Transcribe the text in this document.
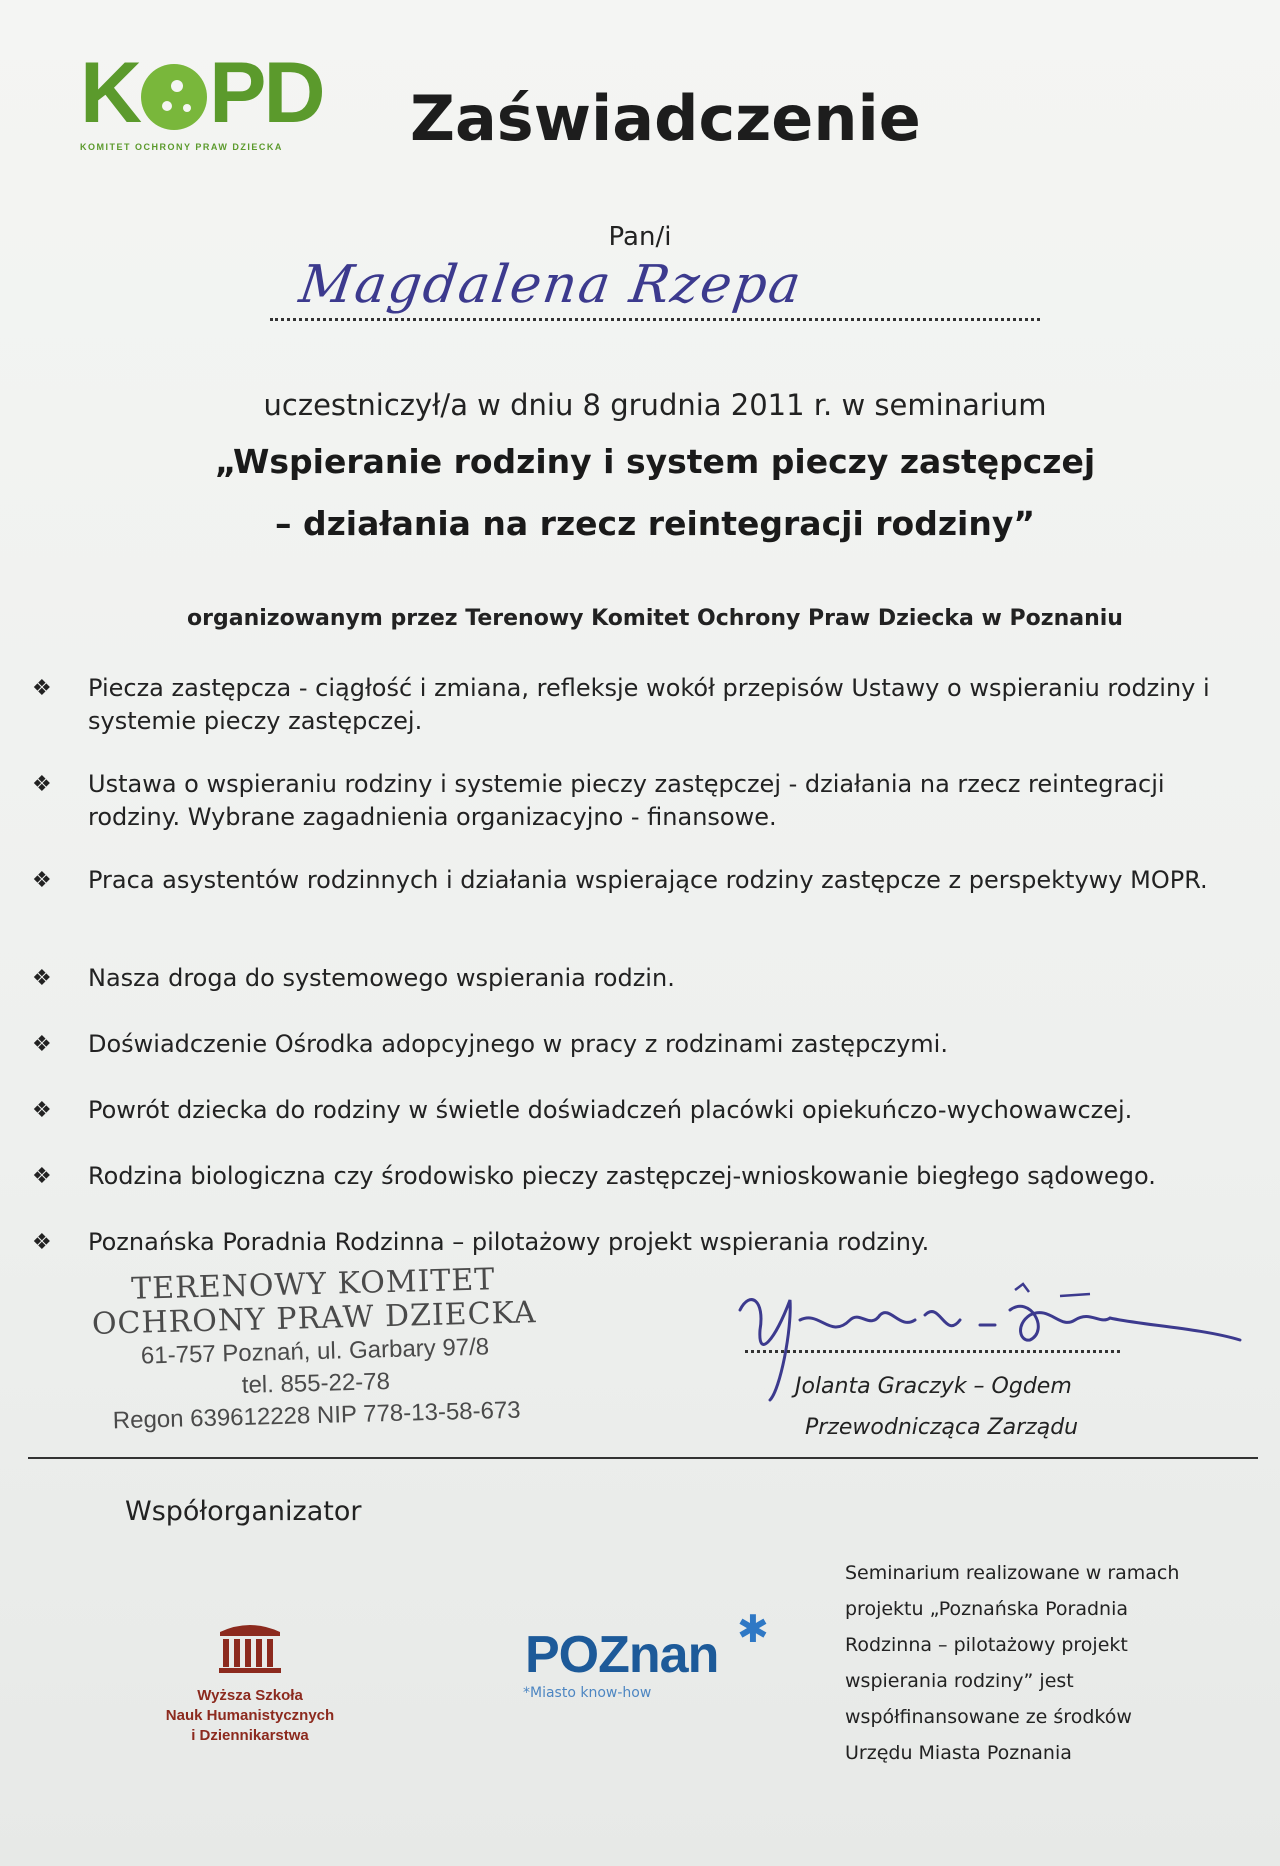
K PD
KOMITET OCHRONY PRAW DZIECKA	Zaświadczenie
Pan/i
Magdalena Rzepa
uczestniczył/a w dniu 8 grudnia 2011 r. w seminarium
„Wspieranie rodziny i system pieczy zastępczej
– działania na rzecz reintegracji rodziny”
organizowanym przez Terenowy Komitet Ochrony Praw Dziecka w Poznaniu
❖	Piecza zastępcza - ciągłość i zmiana, refleksje wokół przepisów Ustawy o wspieraniu rodziny i systemie pieczy zastępczej.
❖	Ustawa o wspieraniu rodziny i systemie pieczy zastępczej - działania na rzecz reintegracji rodziny. Wybrane zagadnienia organizacyjno - finansowe.
❖	Praca asystentów rodzinnych i działania wspierające rodziny zastępcze z perspektywy MOPR.
❖	Nasza droga do systemowego wspierania rodzin.
❖	Doświadczenie Ośrodka adopcyjnego w pracy z rodzinami zastępczymi.
❖	Powrót dziecka do rodziny w świetle doświadczeń placówki opiekuńczo-wychowawczej.
❖	Rodzina biologiczna czy środowisko pieczy zastępczej-wnioskowanie biegłego sądowego.
❖	Poznańska Poradnia Rodzinna – pilotażowy projekt wspierania rodziny.
TERENOWY KOMITET
OCHRONY PRAW DZIECKA
61-757 Poznań, ul. Garbary 97/8
tel. 855-22-78
Regon 639612228 NIP 778-13-58-673
Jolanta Graczyk – Ogdem
Przewodnicząca Zarządu
Współorganizator
Wyższa Szkoła
Nauk Humanistycznych
i Dziennikarstwa
✱
POZnan
*Miasto know-how
Seminarium realizowane w ramach
projektu „Poznańska Poradnia
Rodzinna – pilotażowy projekt
wspierania rodziny” jest
współfinansowane ze środków
Urzędu Miasta Poznania
